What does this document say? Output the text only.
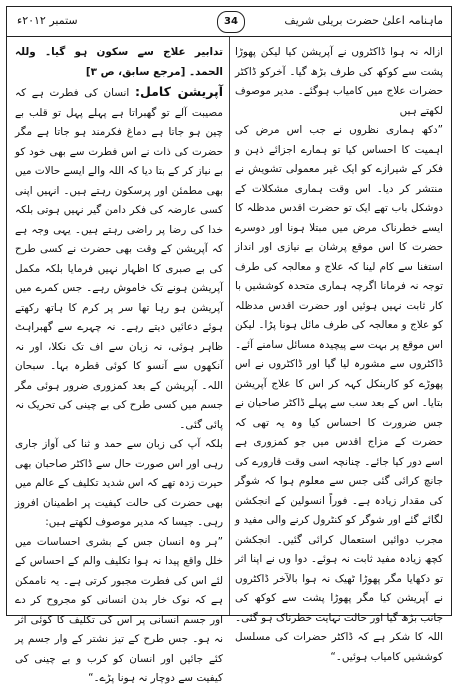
ماہنامہ اعلیٰ حضرت بریلی شریف
34
ستمبر ۲۰۱۲ء

ازالہ نہ ہوا ڈاکٹروں نے آپریشن کیا لیکن پھوڑا پشت سے کوکھ کی طرف بڑھ گیا۔ آخرکو ڈاکٹر حضرات علاج میں کامیاب ہوگئے۔ مدیر موصوف لکھتے ہیں

”دکھ ہماری نظروں نے جب اس مرض کی اہمیت کا احساس کیا تو ہمارے اجزائے ذہن و فکر کے شیرازے کو ایک غیر معمولی تشویش نے منتشر کر دیا۔ اس وقت ہماری مشکلات کے دوشکل باب تھے ایک تو حضرت اقدس مدظلہ کا ایسے خطرناک مرض میں مبتلا ہونا اور دوسرے حضرت کا اس موقع پرشان بے نیازی اور انداز استغنا سے کام لینا کہ علاج و معالجہ کی طرف توجہ نہ فرمانا اگرچہ ہماری متحدہ کوششیں با کار ثابت نہیں ہوئیں اور حضرت اقدس مدظلہ کو علاج و معالجہ کی طرف مائل ہونا پڑا۔ لیکن اس موقع پر بہت سے پیچیدہ مسائل سامنے آئے۔ ڈاکٹروں سے مشورہ لیا گیا اور ڈاکٹروں نے اس پھوڑے کو کاربنکل کہہ کر اس کا علاج آپریشن بتایا۔ اس کے بعد سب سے پہلے ڈاکٹر صاحبان نے جس ضرورت کا احساس کیا وہ یہ تھی کہ حضرت کے مزاج اقدس میں جو کمزوری ہے اسے دور کیا جائے۔ چنانچہ اسی وقت قارورے کی جانچ کرائی گئی جس سے معلوم ہوا کہ شوگر کی مقدار زیادہ ہے۔ فوراً انسولین کے انجکشن لگائے گئے اور شوگر کو کنٹرول کرنے والی مفید و مجرب دوائیں استعمال کرائی گئیں۔ انجکشن کچھ زیادہ مفید ثابت نہ ہوئے۔ دوا وں نے اپنا اثر تو دکھایا مگر پھوڑا ٹھیک نہ ہوا بالآخر ڈاکٹروں نے آپریشن کیا مگر پھوڑا پشت سے کوکھ کی جانب بڑھ گیا اور حالت نہایت خطرناک ہو گئی۔ اللہ کا شکر ہے کہ ڈاکٹر حضرات کی مسلسل کوششیں کامیاب ہوئیں۔“

تدابیر علاج سے سکون ہو گیا۔ وللہ الحمد۔ [مرجع سابق، ص ۳]

آپریشن کامل: انسان کی فطرت ہے کہ مصیبت آلے تو گھبراتا ہے پہلے پہل تو قلب بے چین ہو جاتا ہے دماغ فکرمند ہو جاتا ہے مگر حضرت کی ذات نے اس فطرت سے بھی خود کو بے نیاز کر کے بتا دیا کہ اللہ والے ایسے حالات میں بھی مطمئن اور پرسکون رہتے ہیں۔ انہیں اپنی کسی عارضہ کی فکر دامن گیر نہیں ہوتی بلکہ خدا کی رضا پر راضی رہتے ہیں۔ یہی وجہ ہے کہ آپریشن کے وقت بھی حضرت نے کسی طرح کی بے صبری کا اظہار نہیں فرمایا بلکہ مکمل آپریشن ہونے تک خاموش رہے۔ جس کمرے میں آپریشن ہو رہا تھا سر پر کرم کا ہاتھ رکھتے ہوئے دعائیں دیتے رہے۔ نہ چہرے سے گھبراہٹ ظاہر ہوئی، نہ زبان سے اف تک نکلا، اور نہ آنکھوں سے آنسو کا کوئی قطرہ بہا۔ سبحان اللہ۔ آپریشن کے بعد کمزوری ضرور ہوئی مگر جسم میں کسی طرح کی بے چینی کی تحریک نہ پائی گئی۔

بلکہ آپ کی زبان سے حمد و ثنا کی آواز جاری رہی اور اس صورت حال سے ڈاکٹر صاحبان بھی حیرت زدہ تھے کہ اس شدید تکلیف کے عالم میں بھی حضرت کی حالت کیفیت پر اطمینان افروز رہی۔ جیسا کہ مدیر موصوف لکھتے ہیں:

”ہر وہ انسان جس کے بشری احساسات میں خلل واقع پیدا نہ ہوا تکلیف والم کے احساس کے لئے اس کی فطرت مجبور کرتی ہے۔ یہ ناممکن ہے کہ نوک خار بدن انسانی کو مجروح کر دے اور جسم انسانی پر اس کی تکلیف کا کوئی اثر نہ ہو۔ جس طرح کے تیز نشتر کے وار جسم پر کئے جائیں اور انسان کو کرب و بے چینی کی کیفیت سے دوچار نہ ہونا پڑے۔“
